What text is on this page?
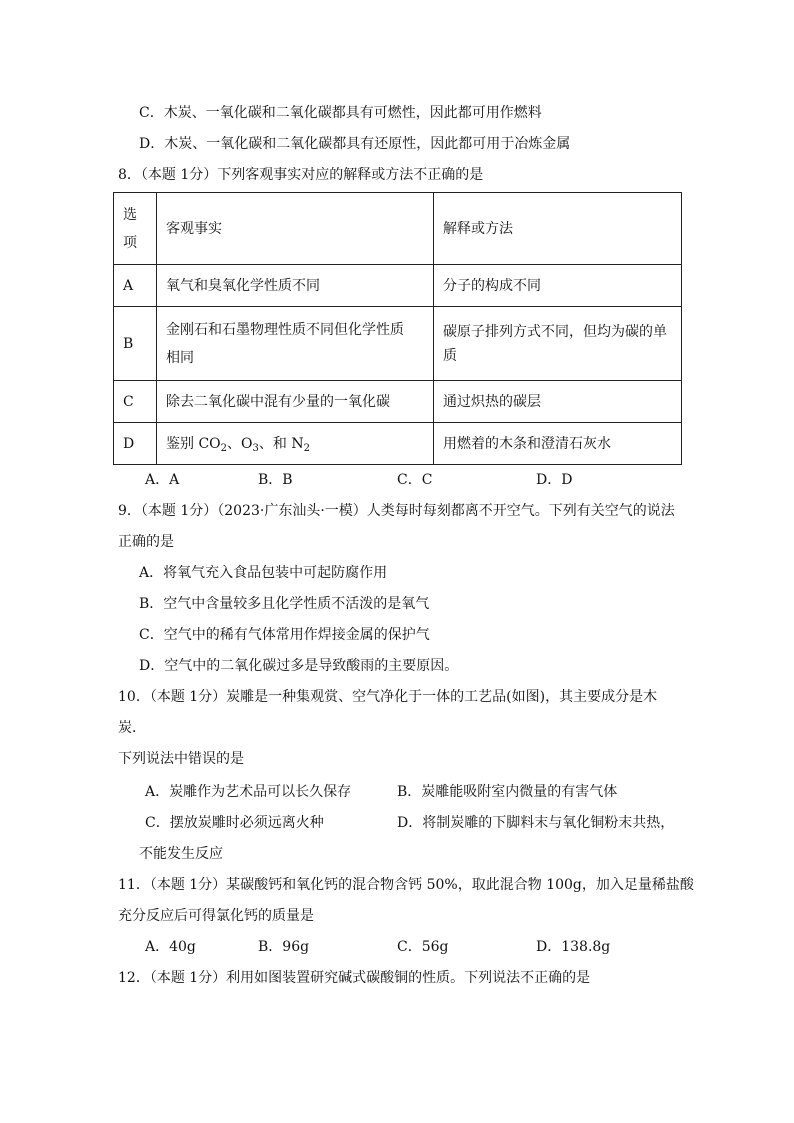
C．木炭、一氧化碳和二氧化碳都具有可燃性，因此都可用作燃料
D．木炭、一氧化碳和二氧化碳都具有还原性，因此都可用于冶炼金属
8．（本题 1分）下列客观事实对应的解释或方法不正确的是
选项	客观事实	解释或方法
A	氧气和臭氧化学性质不同	分子的构成不同
B	金刚石和石墨物理性质不同但化学性质相同	碳原子排列方式不同，但均为碳的单质
C	除去二氧化碳中混有少量的一氧化碳	通过炽热的碳层
D	鉴别 $CO_2$、$O_3$、和 $N_2$	用燃着的木条和澄清石灰水
A．A	B．B	C．C	D．D
9．（本题 1分）（2023·广东汕头·一模）人类每时每刻都离不开空气。下列有关空气的说法
正确的是
A．将氧气充入食品包装中可起防腐作用
B．空气中含量较多且化学性质不活泼的是氧气
C．空气中的稀有气体常用作焊接金属的保护气
D．空气中的二氧化碳过多是导致酸雨的主要原因。
10．（本题 1分）炭雕是一种集观赏、空气净化于一体的工艺品(如图)，其主要成分是木
炭．
下列说法中错误的是
A．炭雕作为艺术品可以长久保存	B．炭雕能吸附室内微量的有害气体
C．摆放炭雕时必须远离火种	D．将制炭雕的下脚料末与氧化铜粉末共热，
不能发生反应
11．（本题 1分）某碳酸钙和氧化钙的混合物含钙 50%，取此混合物 100g，加入足量稀盐酸
充分反应后可得氯化钙的质量是
A．40g	B．96g	C．56g	D．138.8g
12．（本题 1分）利用如图装置研究碱式碳酸铜的性质。下列说法不正确的是
